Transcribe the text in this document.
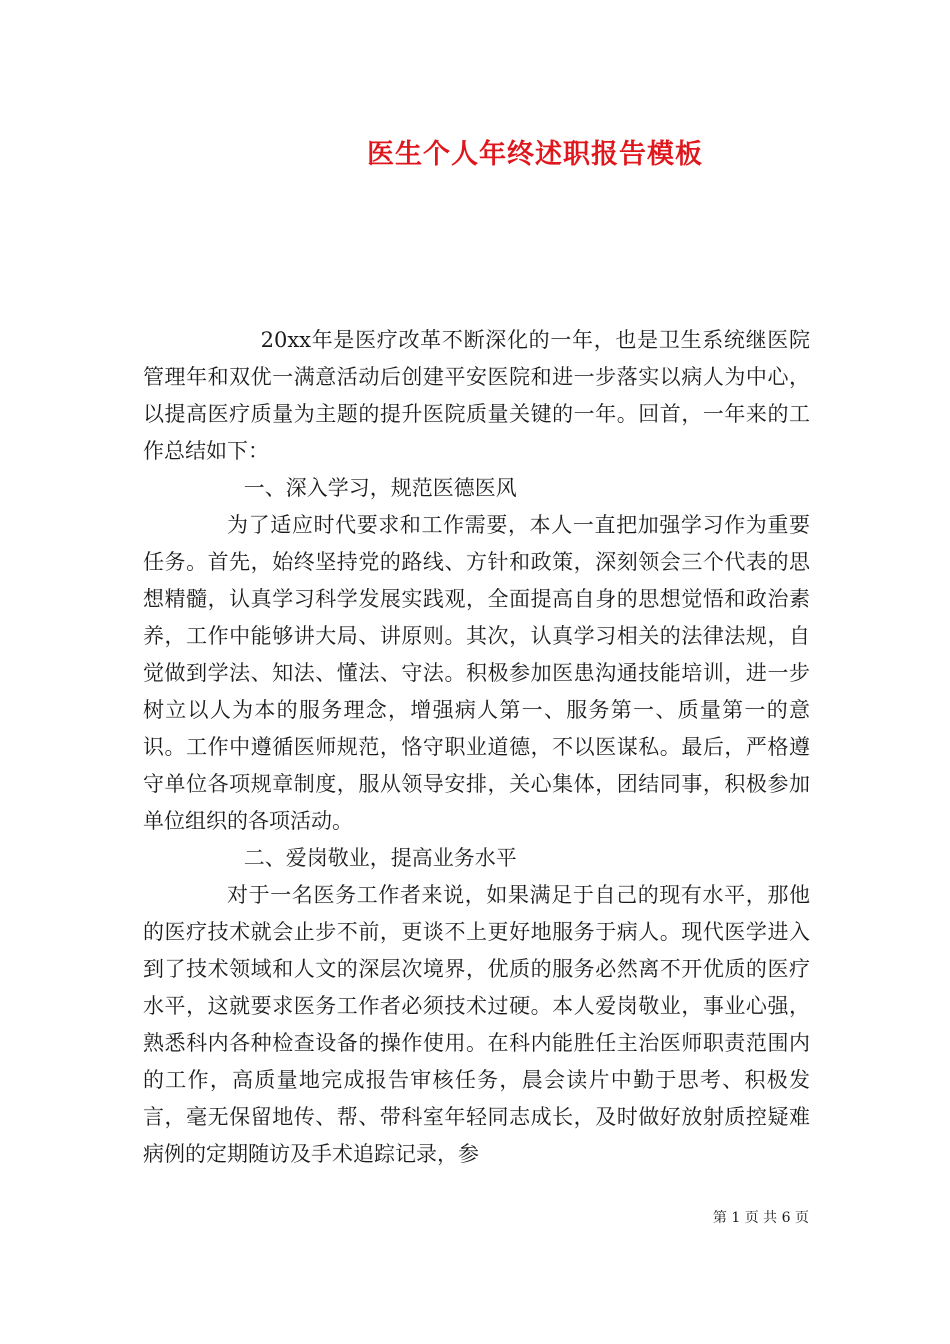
医生个人年终述职报告模板

20xx年是医疗改革不断深化的一年，也是卫生系统继医院管理年和双优一满意活动后创建平安医院和进一步落实以病人为中心，以提高医疗质量为主题的提升医院质量关键的一年。回首，一年来的工作总结如下：

一、深入学习，规范医德医风

为了适应时代要求和工作需要，本人一直把加强学习作为重要任务。首先，始终坚持党的路线、方针和政策，深刻领会三个代表的思想精髓，认真学习科学发展实践观，全面提高自身的思想觉悟和政治素养，工作中能够讲大局、讲原则。其次，认真学习相关的法律法规，自觉做到学法、知法、懂法、守法。积极参加医患沟通技能培训，进一步树立以人为本的服务理念，增强病人第一、服务第一、质量第一的意识。工作中遵循医师规范，恪守职业道德，不以医谋私。最后，严格遵守单位各项规章制度，服从领导安排，关心集体，团结同事，积极参加单位组织的各项活动。

二、爱岗敬业，提高业务水平

对于一名医务工作者来说，如果满足于自己的现有水平，那他的医疗技术就会止步不前，更谈不上更好地服务于病人。现代医学进入到了技术领域和人文的深层次境界，优质的服务必然离不开优质的医疗水平，这就要求医务工作者必须技术过硬。本人爱岗敬业，事业心强，熟悉科内各种检查设备的操作使用。在科内能胜任主治医师职责范围内的工作，高质量地完成报告审核任务，晨会读片中勤于思考、积极发言，毫无保留地传、帮、带科室年轻同志成长，及时做好放射质控疑难病例的定期随访及手术追踪记录，参

第 1 页 共 6 页
